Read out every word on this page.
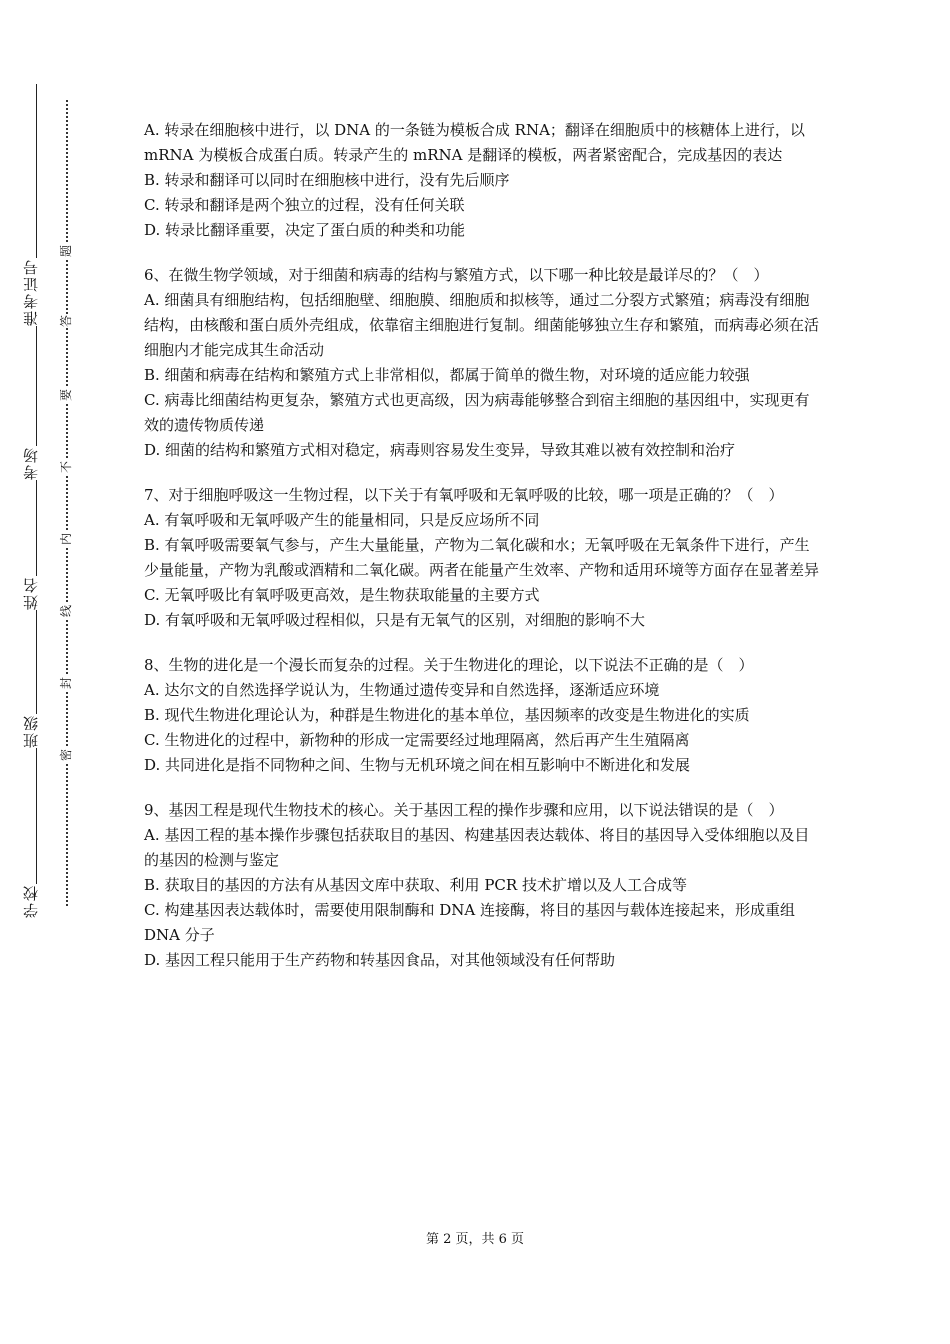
准考证号
考场
姓名
班级
学校
题
答
要
不
内
线
封
密

A. 转录在细胞核中进行，以 DNA 的一条链为模板合成 RNA；翻译在细胞质中的核糖体上进行，以 mRNA 为模板合成蛋白质。转录产生的 mRNA 是翻译的模板，两者紧密配合，完成基因的表达

B. 转录和翻译可以同时在细胞核中进行，没有先后顺序

C. 转录和翻译是两个独立的过程，没有任何关联

D. 转录比翻译重要，决定了蛋白质的种类和功能

6、在微生物学领域，对于细菌和病毒的结构与繁殖方式，以下哪一种比较是最详尽的？（　）

A. 细菌具有细胞结构，包括细胞壁、细胞膜、细胞质和拟核等，通过二分裂方式繁殖；病毒没有细胞结构，由核酸和蛋白质外壳组成，依靠宿主细胞进行复制。细菌能够独立生存和繁殖，而病毒必须在活细胞内才能完成其生命活动

B. 细菌和病毒在结构和繁殖方式上非常相似，都属于简单的微生物，对环境的适应能力较强

C. 病毒比细菌结构更复杂，繁殖方式也更高级，因为病毒能够整合到宿主细胞的基因组中，实现更有效的遗传物质传递

D. 细菌的结构和繁殖方式相对稳定，病毒则容易发生变异，导致其难以被有效控制和治疗

7、对于细胞呼吸这一生物过程，以下关于有氧呼吸和无氧呼吸的比较，哪一项是正确的？（　）

A. 有氧呼吸和无氧呼吸产生的能量相同，只是反应场所不同

B. 有氧呼吸需要氧气参与，产生大量能量，产物为二氧化碳和水；无氧呼吸在无氧条件下进行，产生少量能量，产物为乳酸或酒精和二氧化碳。两者在能量产生效率、产物和适用环境等方面存在显著差异

C. 无氧呼吸比有氧呼吸更高效，是生物获取能量的主要方式

D. 有氧呼吸和无氧呼吸过程相似，只是有无氧气的区别，对细胞的影响不大

8、生物的进化是一个漫长而复杂的过程。关于生物进化的理论，以下说法不正确的是（　）

A. 达尔文的自然选择学说认为，生物通过遗传变异和自然选择，逐渐适应环境

B. 现代生物进化理论认为，种群是生物进化的基本单位，基因频率的改变是生物进化的实质

C. 生物进化的过程中，新物种的形成一定需要经过地理隔离，然后再产生生殖隔离

D. 共同进化是指不同物种之间、生物与无机环境之间在相互影响中不断进化和发展

9、基因工程是现代生物技术的核心。关于基因工程的操作步骤和应用，以下说法错误的是（　）

A. 基因工程的基本操作步骤包括获取目的基因、构建基因表达载体、将目的基因导入受体细胞以及目的基因的检测与鉴定

B. 获取目的基因的方法有从基因文库中获取、利用 PCR 技术扩增以及人工合成等

C. 构建基因表达载体时，需要使用限制酶和 DNA 连接酶，将目的基因与载体连接起来，形成重组 DNA 分子

D. 基因工程只能用于生产药物和转基因食品，对其他领域没有任何帮助

第 2 页，共 6 页
